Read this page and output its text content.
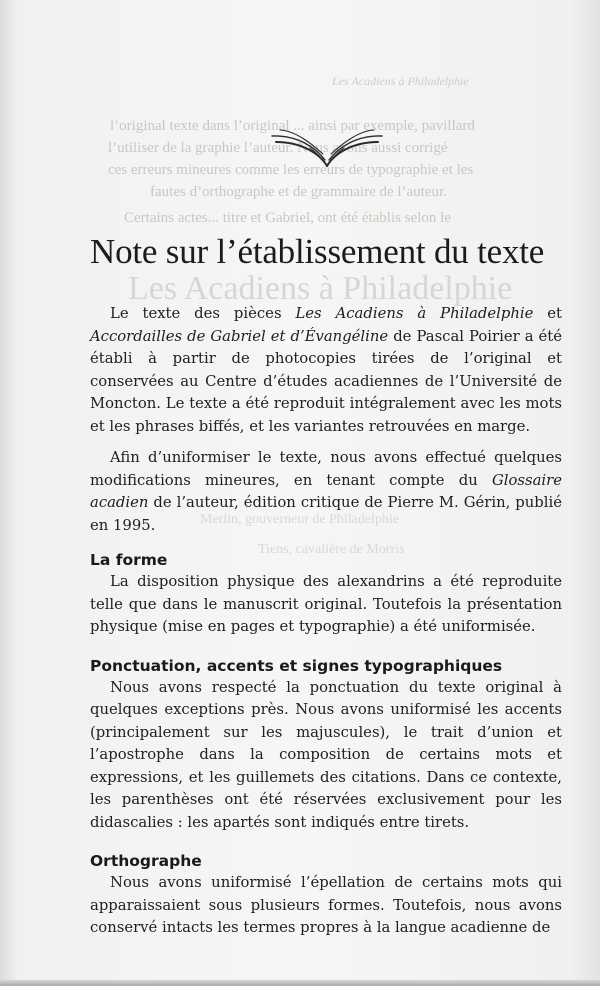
Les Acadiens à Philadelphie
l’original texte dans l’original ... ainsi par exemple, pavillard
l’utiliser de la graphie l’auteur. Nous avons aussi corrigé
ces erreurs mineures comme les erreurs de typographie et les
fautes d’orthographe et de grammaire de l’auteur.
Certains actes... titre et Gabriel, ont été établis selon le
Les Acadiens à Philadelphie
Merlin, gouverneur de Philadelphie
Tiens, cavalière de Morris
Note sur l’établissement du texte

Le texte des pièces Les Acadiens à Philadelphie et Accordailles de Gabriel et d’Évangéline de Pascal Poirier a été établi à partir de photocopies tirées de l’original et conservées au Centre d’études acadiennes de l’Université de Moncton. Le texte a été reproduit intégralement avec les mots et les phrases biffés, et les variantes retrouvées en marge.

Afin d’uniformiser le texte, nous avons effectué quelques modifications mineures, en tenant compte du Glossaire acadien de l’auteur, édition critique de Pierre M. Gérin, publié en 1995.

La forme

La disposition physique des alexandrins a été reproduite telle que dans le manuscrit original. Toutefois la présentation physique (mise en pages et typographie) a été uniformisée.

Ponctuation, accents et signes typographiques

Nous avons respecté la ponctuation du texte original à quelques exceptions près. Nous avons uniformisé les accents (principalement sur les majuscules), le trait d’union et l’apostrophe dans la composition de certains mots et expressions, et les guillemets des citations. Dans ce contexte, les parenthèses ont été réservées exclusivement pour les didascalies : les apartés sont indiqués entre tirets.

Orthographe

Nous avons uniformisé l’épellation de certains mots qui apparaissaient sous plusieurs formes. Toutefois, nous avons conservé intacts les termes propres à la langue acadienne de
